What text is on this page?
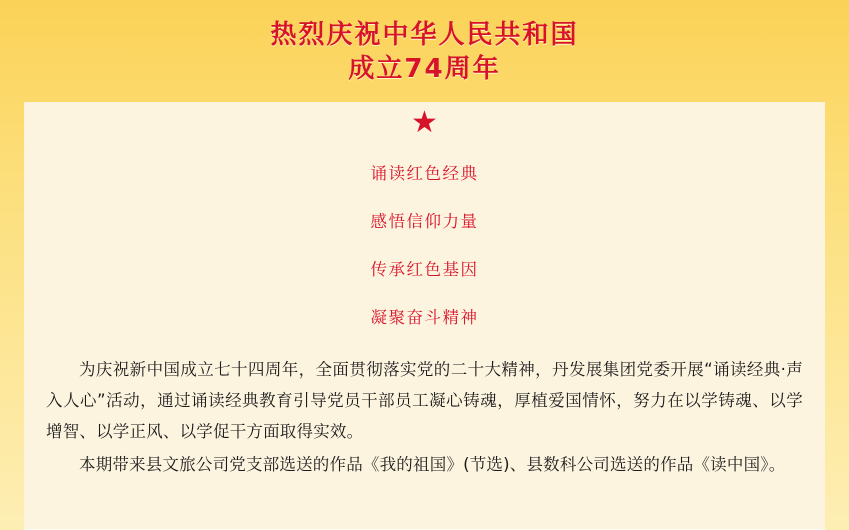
热烈庆祝中华人民共和国
成立74周年
★
诵读红色经典
感悟信仰力量
传承红色基因
凝聚奋斗精神

为庆祝新中国成立七十四周年，全面贯彻落实党的二十大精神，丹发展集团党委开展“诵读经典·声入人心”活动，通过诵读经典教育引导党员干部员工凝心铸魂，厚植爱国情怀，努力在以学铸魂、以学增智、以学正风、以学促干方面取得实效。

本期带来县文旅公司党支部选送的作品《我的祖国》(节选)、县数科公司选送的作品《读中国》。
